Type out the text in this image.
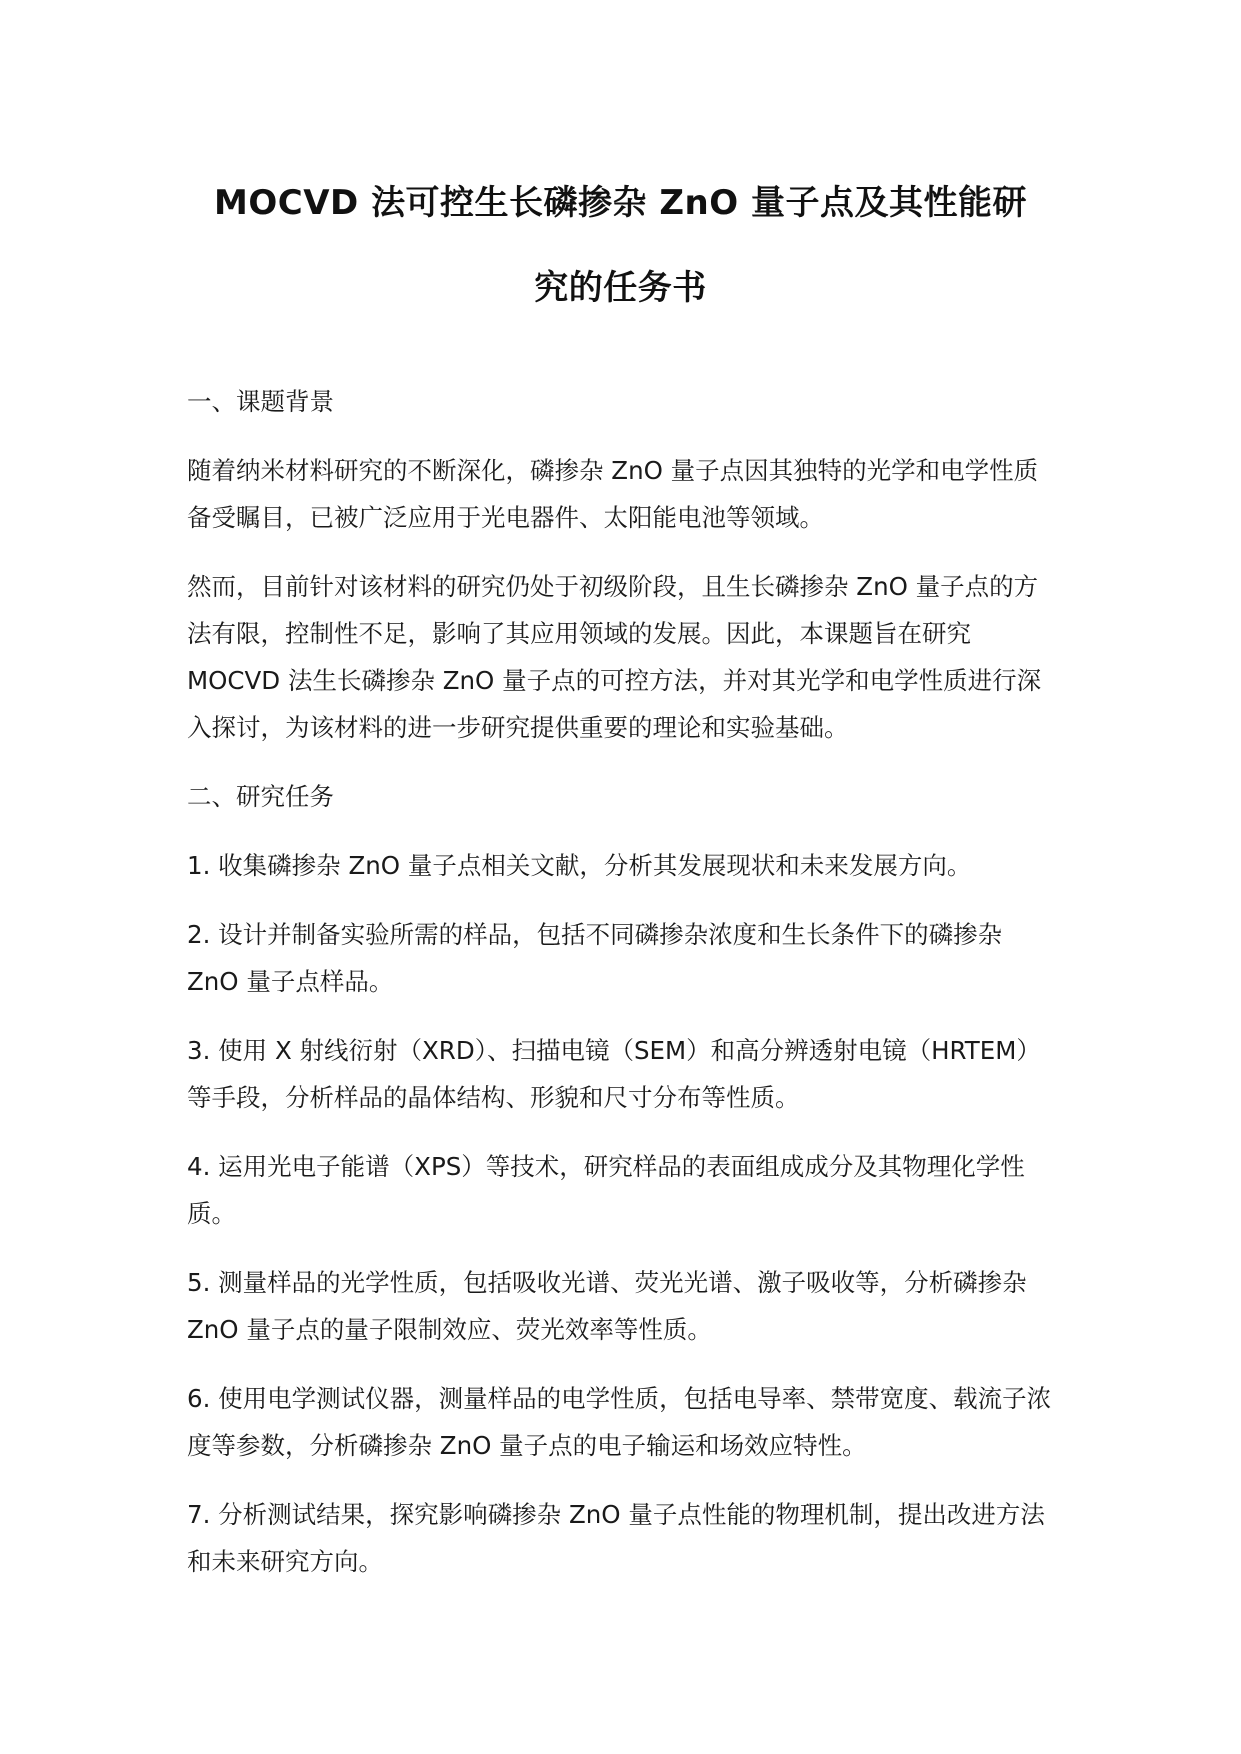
MOCVD 法可控生长磷掺杂 ZnO 量子点及其性能研
究的任务书

一、课题背景

随着纳米材料研究的不断深化，磷掺杂 ZnO 量子点因其独特的光学和电学性质备受瞩目，已被广泛应用于光电器件、太阳能电池等领域。

然而，目前针对该材料的研究仍处于初级阶段，且生长磷掺杂 ZnO 量子点的方法有限，控制性不足，影响了其应用领域的发展。因此，本课题旨在研究 MOCVD 法生长磷掺杂 ZnO 量子点的可控方法，并对其光学和电学性质进行深入探讨，为该材料的进一步研究提供重要的理论和实验基础。

二、研究任务

1. 收集磷掺杂 ZnO 量子点相关文献，分析其发展现状和未来发展方向。

2. 设计并制备实验所需的样品，包括不同磷掺杂浓度和生长条件下的磷掺杂 ZnO 量子点样品。

3. 使用 X 射线衍射（XRD）、扫描电镜（SEM）和高分辨透射电镜（HRTEM）等手段，分析样品的晶体结构、形貌和尺寸分布等性质。

4. 运用光电子能谱（XPS）等技术，研究样品的表面组成成分及其物理化学性质。

5. 测量样品的光学性质，包括吸收光谱、荧光光谱、激子吸收等，分析磷掺杂 ZnO 量子点的量子限制效应、荧光效率等性质。

6. 使用电学测试仪器，测量样品的电学性质，包括电导率、禁带宽度、载流子浓度等参数，分析磷掺杂 ZnO 量子点的电子输运和场效应特性。

7. 分析测试结果，探究影响磷掺杂 ZnO 量子点性能的物理机制，提出改进方法和未来研究方向。
